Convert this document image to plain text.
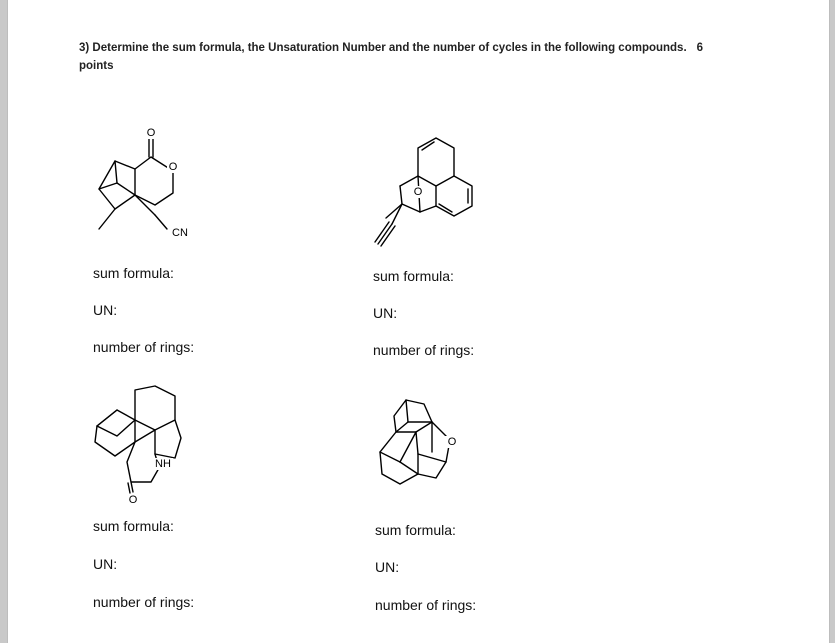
3) Determine the sum formula, the Unsaturation Number and the number of cycles in the following compounds. 6
points
O
O
CN
O
NH
O
O
sum formula:
UN:
number of rings:
sum formula:
UN:
number of rings:
sum formula:
UN:
number of rings:
sum formula:
UN:
number of rings:
